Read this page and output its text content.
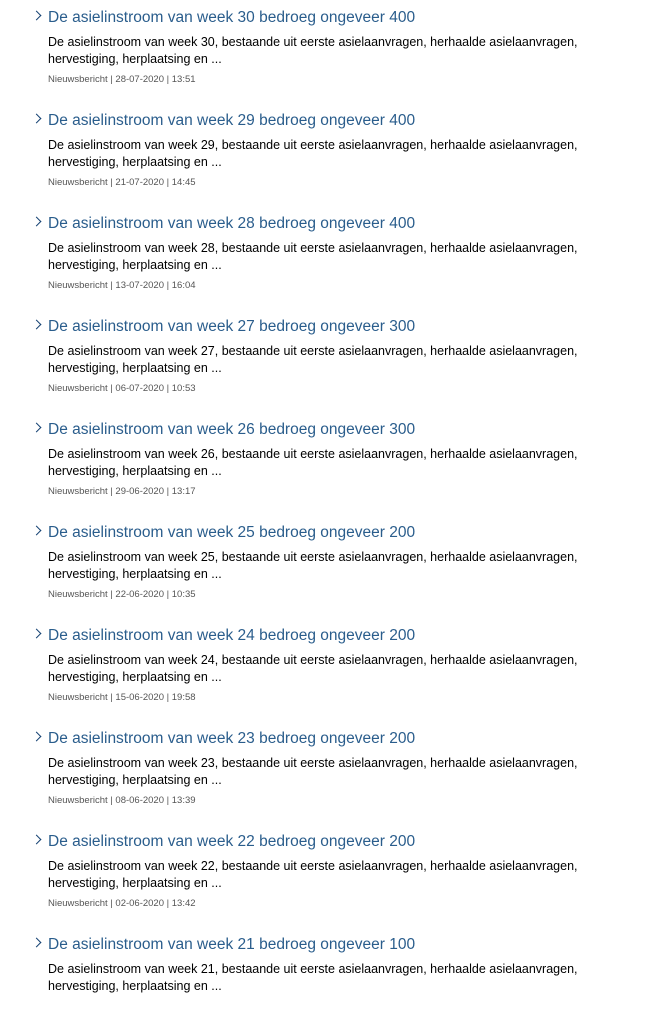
De asielinstroom van week 30 bedroeg ongeveer 400

De asielinstroom van week 30, bestaande uit eerste asielaanvragen, herhaalde asielaanvragen, hervestiging, herplaatsing en ...

Nieuwsbericht | 28-07-2020 | 13:51
De asielinstroom van week 29 bedroeg ongeveer 400

De asielinstroom van week 29, bestaande uit eerste asielaanvragen, herhaalde asielaanvragen, hervestiging, herplaatsing en ...

Nieuwsbericht | 21-07-2020 | 14:45
De asielinstroom van week 28 bedroeg ongeveer 400

De asielinstroom van week 28, bestaande uit eerste asielaanvragen, herhaalde asielaanvragen, hervestiging, herplaatsing en ...

Nieuwsbericht | 13-07-2020 | 16:04
De asielinstroom van week 27 bedroeg ongeveer 300

De asielinstroom van week 27, bestaande uit eerste asielaanvragen, herhaalde asielaanvragen, hervestiging, herplaatsing en ...

Nieuwsbericht | 06-07-2020 | 10:53
De asielinstroom van week 26 bedroeg ongeveer 300

De asielinstroom van week 26, bestaande uit eerste asielaanvragen, herhaalde asielaanvragen, hervestiging, herplaatsing en ...

Nieuwsbericht | 29-06-2020 | 13:17
De asielinstroom van week 25 bedroeg ongeveer 200

De asielinstroom van week 25, bestaande uit eerste asielaanvragen, herhaalde asielaanvragen, hervestiging, herplaatsing en ...

Nieuwsbericht | 22-06-2020 | 10:35
De asielinstroom van week 24 bedroeg ongeveer 200

De asielinstroom van week 24, bestaande uit eerste asielaanvragen, herhaalde asielaanvragen, hervestiging, herplaatsing en ...

Nieuwsbericht | 15-06-2020 | 19:58
De asielinstroom van week 23 bedroeg ongeveer 200

De asielinstroom van week 23, bestaande uit eerste asielaanvragen, herhaalde asielaanvragen, hervestiging, herplaatsing en ...

Nieuwsbericht | 08-06-2020 | 13:39
De asielinstroom van week 22 bedroeg ongeveer 200

De asielinstroom van week 22, bestaande uit eerste asielaanvragen, herhaalde asielaanvragen, hervestiging, herplaatsing en ...

Nieuwsbericht | 02-06-2020 | 13:42
De asielinstroom van week 21 bedroeg ongeveer 100

De asielinstroom van week 21, bestaande uit eerste asielaanvragen, herhaalde asielaanvragen, hervestiging, herplaatsing en ...
